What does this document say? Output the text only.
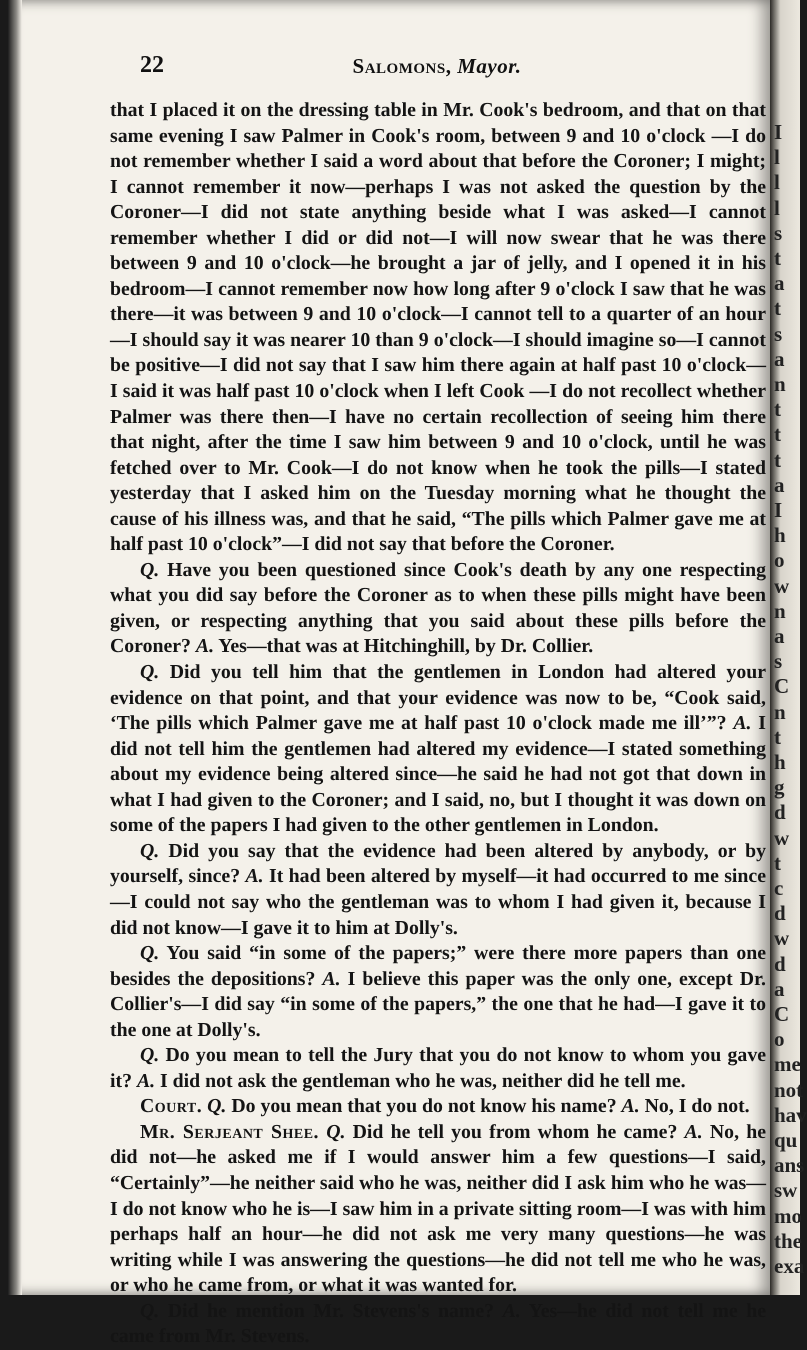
22	Salomons, Mayor.

that I placed it on the dressing table in Mr. Cook's bedroom, and that on that same evening I saw Palmer in Cook's room, between 9 and 10 o'clock —I do not remember whether I said a word about that before the Coroner; I might; I cannot remember it now—perhaps I was not asked the question by the Coroner—I did not state anything beside what I was asked—I cannot remember whether I did or did not—I will now swear that he was there between 9 and 10 o'clock—he brought a jar of jelly, and I opened it in his bedroom—I cannot remember now how long after 9 o'clock I saw that he was there—it was between 9 and 10 o'clock—I cannot tell to a quarter of an hour—I should say it was nearer 10 than 9 o'clock—I should imagine so—I cannot be positive—I did not say that I saw him there again at half past 10 o'clock—I said it was half past 10 o'clock when I left Cook —I do not recollect whether Palmer was there then—I have no certain recollection of seeing him there that night, after the time I saw him between 9 and 10 o'clock, until he was fetched over to Mr. Cook—I do not know when he took the pills—I stated yesterday that I asked him on the Tuesday morning what he thought the cause of his illness was, and that he said, “The pills which Palmer gave me at half past 10 o'clock”—I did not say that before the Coroner.

Q. Have you been questioned since Cook's death by any one respecting what you did say before the Coroner as to when these pills might have been given, or respecting anything that you said about these pills before the Coroner? A. Yes—that was at Hitchinghill, by Dr. Collier.

Q. Did you tell him that the gentlemen in London had altered your evidence on that point, and that your evidence was now to be, “Cook said, ‘The pills which Palmer gave me at half past 10 o'clock made me ill’”? A. I did not tell him the gentlemen had altered my evidence—I stated something about my evidence being altered since—he said he had not got that down in what I had given to the Coroner; and I said, no, but I thought it was down on some of the papers I had given to the other gentlemen in London.

Q. Did you say that the evidence had been altered by anybody, or by yourself, since? A. It had been altered by myself—it had occurred to me since—I could not say who the gentleman was to whom I had given it, because I did not know—I gave it to him at Dolly's.

Q. You said “in some of the papers;” were there more papers than one besides the depositions? A. I believe this paper was the only one, except Dr. Collier's—I did say “in some of the papers,” the one that he had—I gave it to the one at Dolly's.

Q. Do you mean to tell the Jury that you do not know to whom you gave it? A. I did not ask the gentleman who he was, neither did he tell me.

Court. Q. Do you mean that you do not know his name? A. No, I do not.

Mr. Serjeant Shee. Q. Did he tell you from whom he came? A. No, he did not—he asked me if I would answer him a few questions—I said, “Certainly”—he neither said who he was, neither did I ask him who he was—I do not know who he is—I saw him in a private sitting room—I was with him perhaps half an hour—he did not ask me very many questions—he was writing while I was answering the questions—he did not tell me who he was, or who he came from, or what it was wanted for.

Q. Did he mention Mr. Stevens's name? A. Yes—he did not tell me he came from Mr. Stevens.

I
l
l
l
s
t
a
t
s
a
n
t
t
t
a
I
h
o
w
n
a
s
C
n
t
h
g
d
w
t
c
d
w
d
a
C
o
me
not
hav
qu
ans
sw
mo
the
exa
